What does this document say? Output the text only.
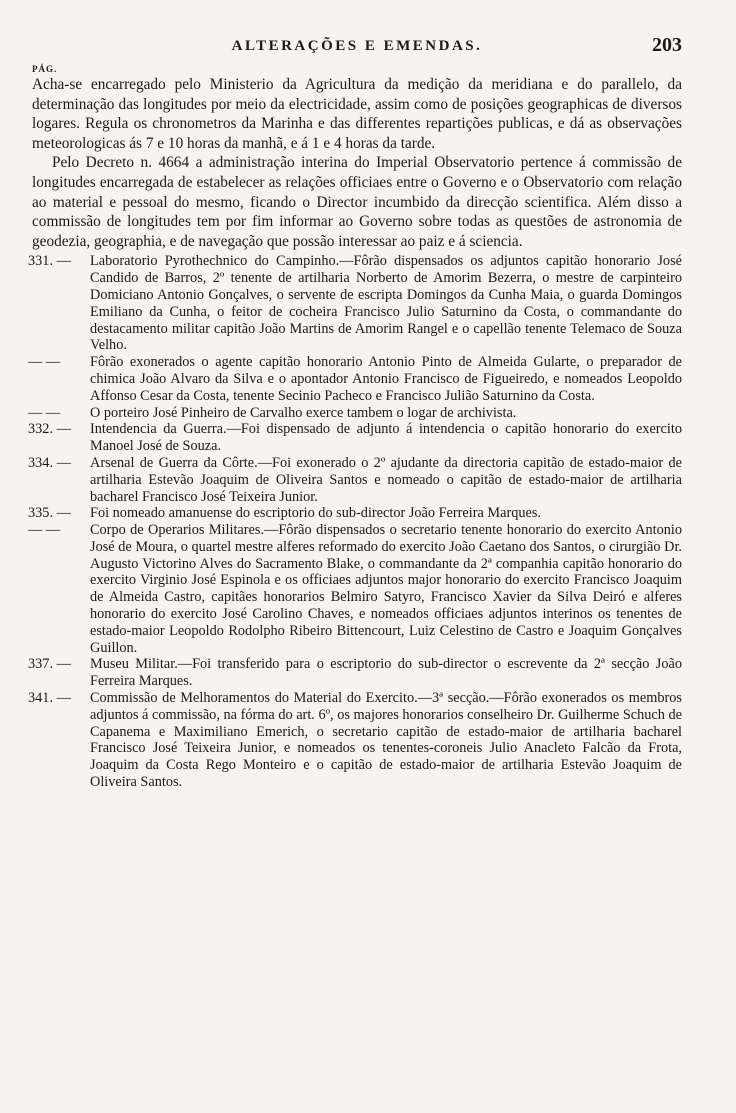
ALTERAÇÕES E EMENDAS.	203
PÁG.

Acha-se encarregado pelo Ministerio da Agricultura da medição da meridiana e do parallelo, da determinação das longitudes por meio da electricidade, assim como de posições geographicas de diversos logares. Regula os chronometros da Marinha e das differentes repartições publicas, e dá as observações meteorologicas ás 7 e 10 horas da manhã, e á 1 e 4 horas da tarde.

Pelo Decreto n. 4664 a administração interina do Imperial Observatorio pertence á commissão de longitudes encarregada de estabelecer as relações officiaes entre o Governo e o Observatorio com relação ao material e pessoal do mesmo, ficando o Director incumbido da direcção scientifica. Além disso a commissão de longitudes tem por fim informar ao Governo sobre todas as questões de astronomia de geodezia, geographia, e de navegação que possão interessar ao paiz e á sciencia.

331. —	Laboratorio Pyrothechnico do Campinho.—Fôrão dispensados os adjuntos capitão honorario José Candido de Barros, 2º tenente de artilharia Norberto de Amorim Bezerra, o mestre de carpinteiro Domiciano Antonio Gonçalves, o servente de escripta Domingos da Cunha Maia, o guarda Domingos Emiliano da Cunha, o feitor de cocheira Francisco Julio Saturnino da Costa, o commandante do destacamento militar capitão João Martins de Amorim Rangel e o capellão tenente Telemaco de Souza Velho.
— —	Fôrão exonerados o agente capitão honorario Antonio Pinto de Almeida Gularte, o preparador de chimica João Alvaro da Silva e o apontador Antonio Francisco de Figueiredo, e nomeados Leopoldo Affonso Cesar da Costa, tenente Secinio Pacheco e Francisco Julião Saturnino da Costa.
— —	O porteiro José Pinheiro de Carvalho exerce tambem o logar de archivista.
332. —	Intendencia da Guerra.—Foi dispensado de adjunto á intendencia o capitão honorario do exercito Manoel José de Souza.
334. —	Arsenal de Guerra da Côrte.—Foi exonerado o 2º ajudante da directoria capitão de estado-maior de artilharia Estevão Joaquim de Oliveira Santos e nomeado o capitão de estado-maior de artilharia bacharel Francisco José Teixeira Junior.
335. —	Foi nomeado amanuense do escriptorio do sub-director João Ferreira Marques.
— —	Corpo de Operarios Militares.—Fôrão dispensados o secretario tenente honorario do exercito Antonio José de Moura, o quartel mestre alferes reformado do exercito João Caetano dos Santos, o cirurgião Dr. Augusto Victorino Alves do Sacramento Blake, o commandante da 2ª companhia capitão honorario do exercito Virginio José Espinola e os officiaes adjuntos major honorario do exercito Francisco Joaquim de Almeida Castro, capitães honorarios Belmiro Satyro, Francisco Xavier da Silva Deiró e alferes honorario do exercito José Carolino Chaves, e nomeados officiaes adjuntos interinos os tenentes de estado-maior Leopoldo Rodolpho Ribeiro Bittencourt, Luiz Celestino de Castro e Joaquim Gonçalves Guillon.
337. —	Museu Militar.—Foi transferido para o escriptorio do sub-director o escrevente da 2ª secção João Ferreira Marques.
341. —	Commissão de Melhoramentos do Material do Exercito.—3ª secção.—Fôrão exonerados os membros adjuntos á commissão, na fórma do art. 6º, os majores honorarios conselheiro Dr. Guilherme Schuch de Capanema e Maximiliano Emerich, o secretario capitão de estado-maior de artilharia bacharel Francisco José Teixeira Junior, e nomeados os tenentes-coroneis Julio Anacleto Falcão da Frota, Joaquim da Costa Rego Monteiro e o capitão de estado-maior de artilharia Estevão Joaquim de Oliveira Santos.
